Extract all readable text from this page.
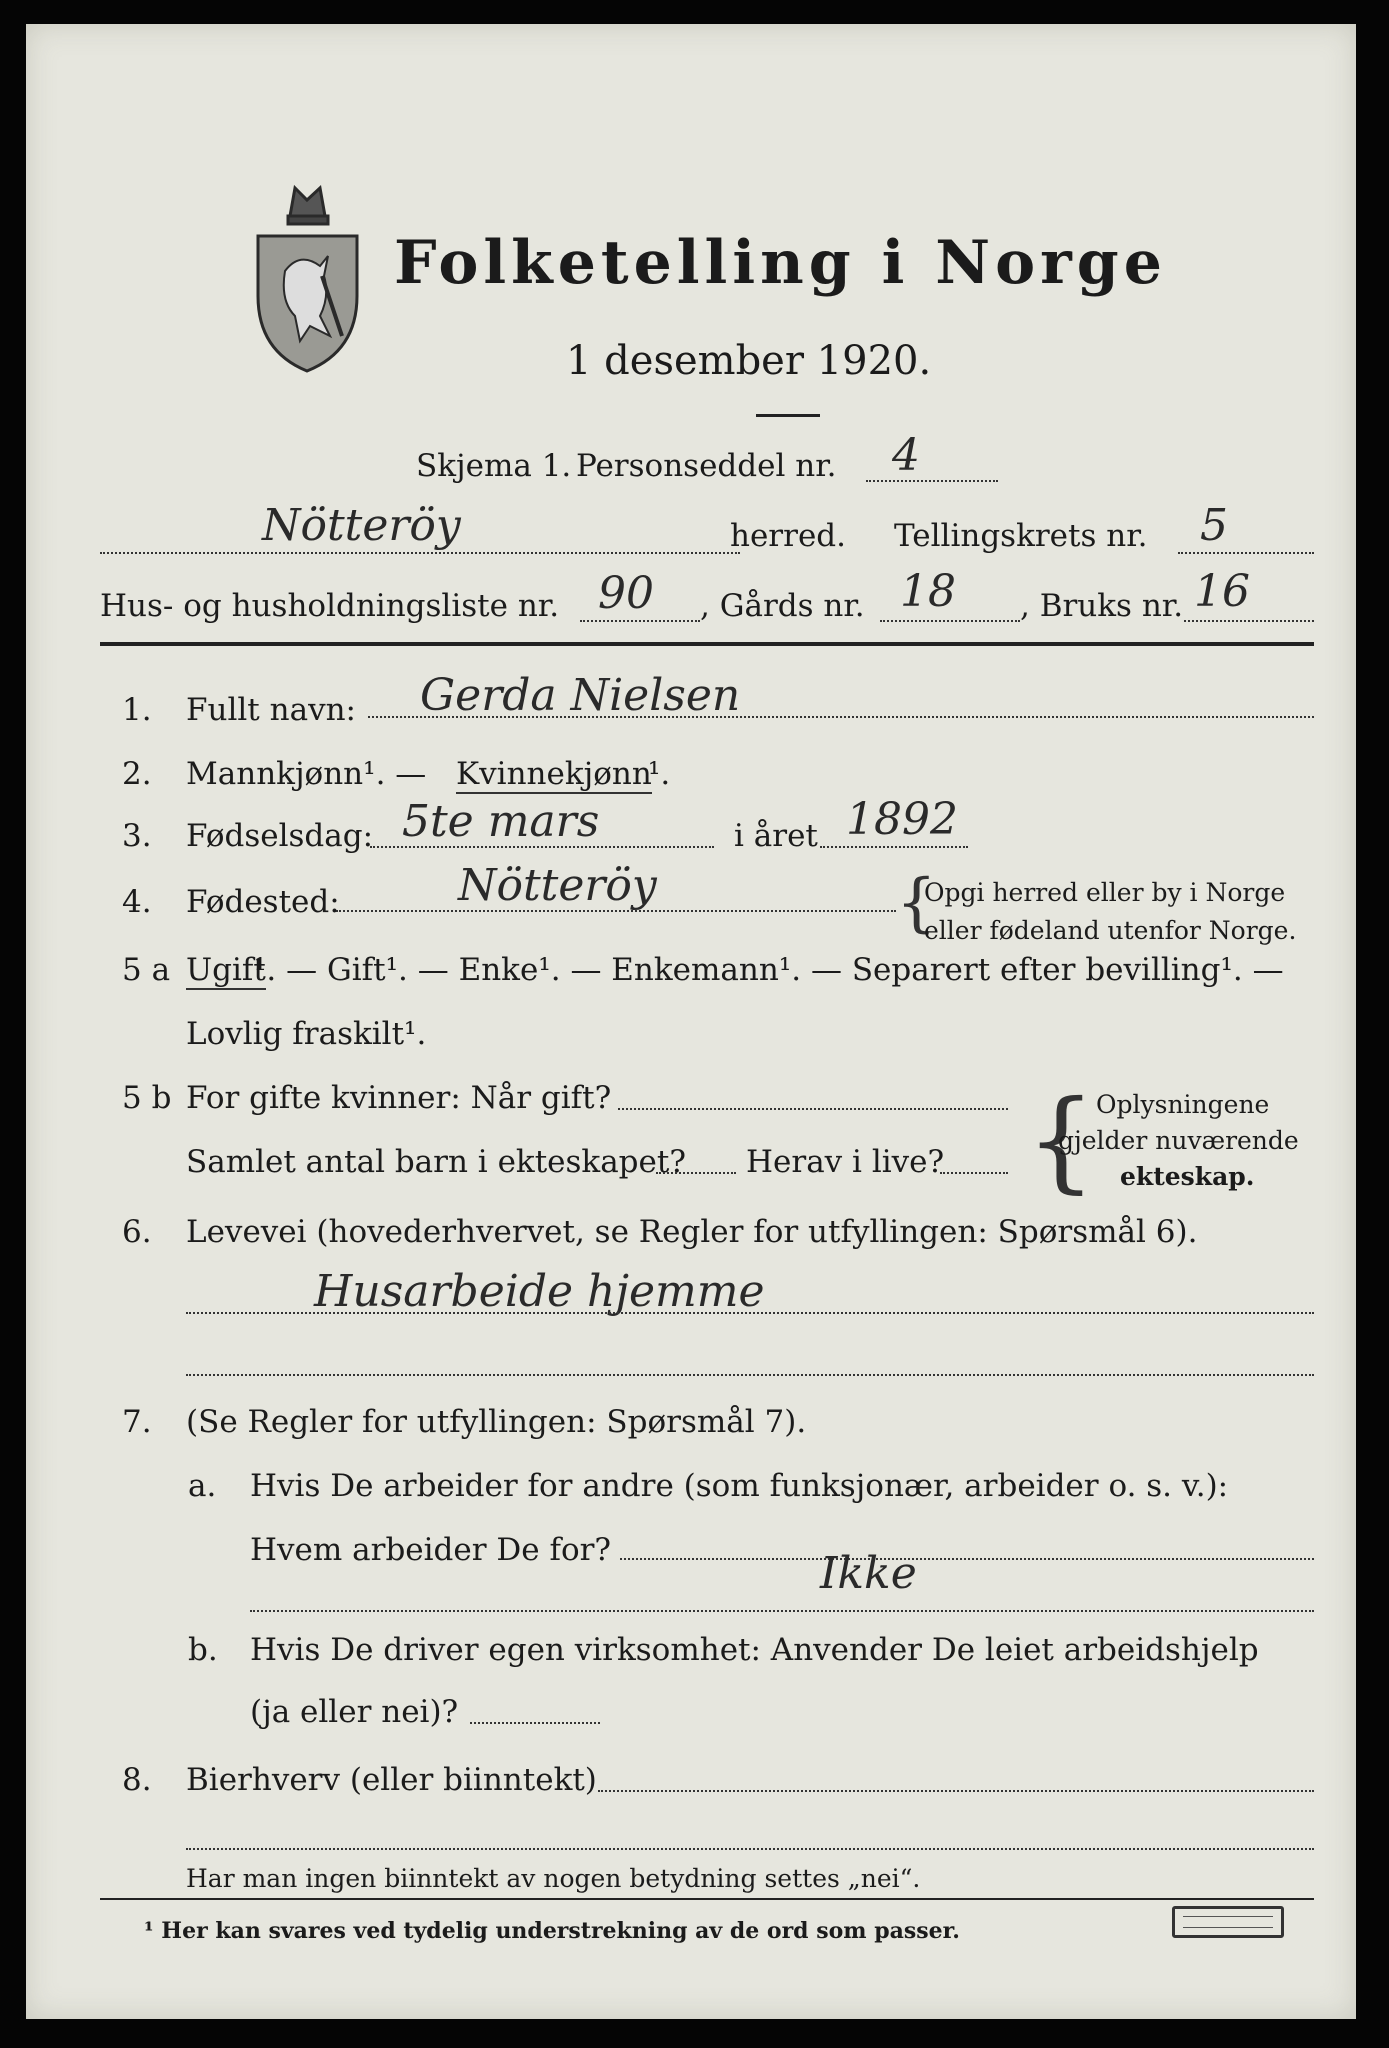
Folketelling i Norge
1 desember 1920.
Skjema 1. Personseddel nr. 4
Nötteröy	herred. Tellingskrets nr. 5
Hus- og husholdningsliste nr. 90 , Gårds nr. 18 , Bruks nr. 16
1. Fullt navn: Gerda Nielsen
2. Mannkjønn¹. — Kvinnekjønn
¹.
3. Fødselsdag: 5te mars	i året 1892
4. Fødested:	Nötteröy	{
Opgi herred eller by i Norge
eller fødeland utenfor Norge.
5 a Ugift
¹. — Gift¹. — Enke¹. — Enkemann¹. — Separert efter bevilling¹. —
Lovlig fraskilt¹.
5 b For gifte kvinner: Når gift?
Samlet antal barn i ekteskapet? Herav i live? { Oplysningene
gjelder nuværende
ekteskap.
6. Levevei (hovederhvervet, se Regler for utfyllingen: Spørsmål 6).
Husarbeide hjemme
7. (Se Regler for utfyllingen: Spørsmål 7).
a. Hvis De arbeider for andre (som funksjonær, arbeider o. s. v.):
Hvem arbeider De for?	Ikke
b. Hvis De driver egen virksomhet: Anvender De leiet arbeidshjelp
(ja eller nei)?
8. Bierhverv (eller biinntekt)
Har man ingen biinntekt av nogen betydning settes „nei“.
¹ Her kan svares ved tydelig understrekning av de ord som passer.
